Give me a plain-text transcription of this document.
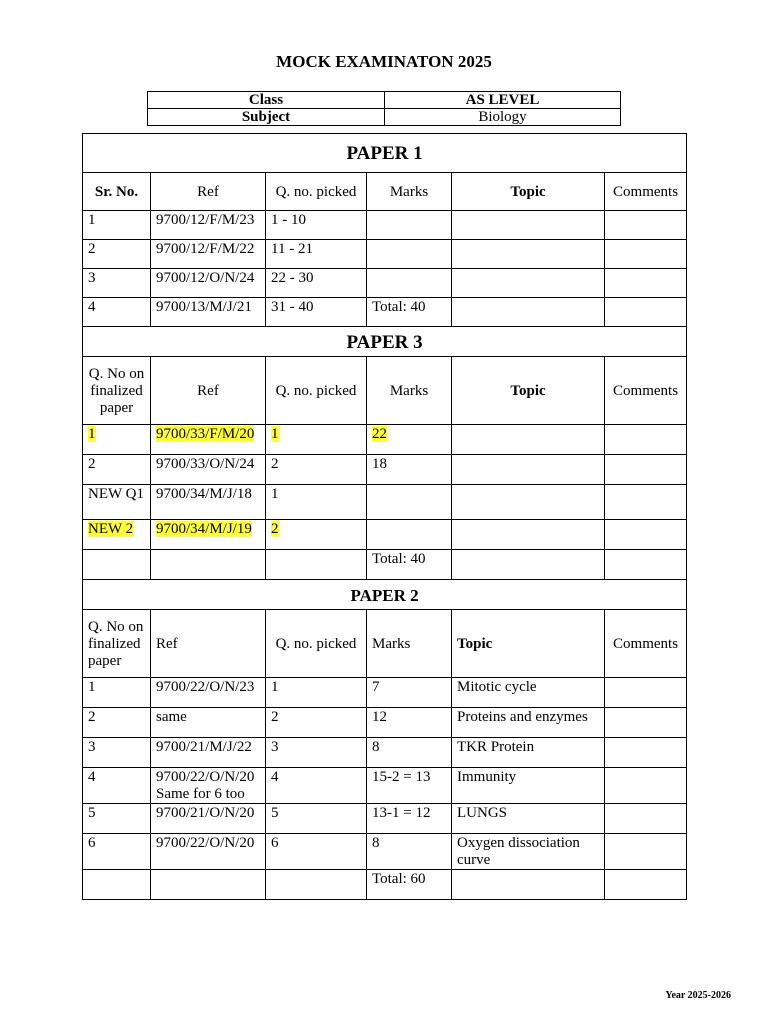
MOCK EXAMINATON 2025
Class	AS LEVEL
Subject	Biology
PAPER 1					
Sr. No.	Ref	Q. no. picked	Marks	Topic	Comments
1	9700/12/F/M/23	1 - 10			
2	9700/12/F/M/22	11 - 21			
3	9700/12/O/N/24	22 - 30			
4	9700/13/M/J/21	31 - 40	Total: 40		
PAPER 3					
Q. No on finalized paper	Ref	Q. no. picked	Marks	Topic	Comments
1	9700/33/F/M/20	1	22		
2	9700/33/O/N/24	2	18		
NEW Q1	9700/34/M/J/18	1			
NEW 2	9700/34/M/J/19	2			
			Total: 40		
PAPER 2					
Q. No on finalized paper	Ref	Q. no. picked	Marks	Topic	Comments
1	9700/22/O/N/23	1	7	Mitotic cycle	
2	same	2	12	Proteins and enzymes	
3	9700/21/M/J/22	3	8	TKR Protein	
4	9700/22/O/N/20 Same for 6 too	4	15-2 = 13	Immunity	
5	9700/21/O/N/20	5	13-1 = 12	LUNGS	
6	9700/22/O/N/20	6	8	Oxygen dissociation curve	
			Total: 60		
Year 2025-2026
